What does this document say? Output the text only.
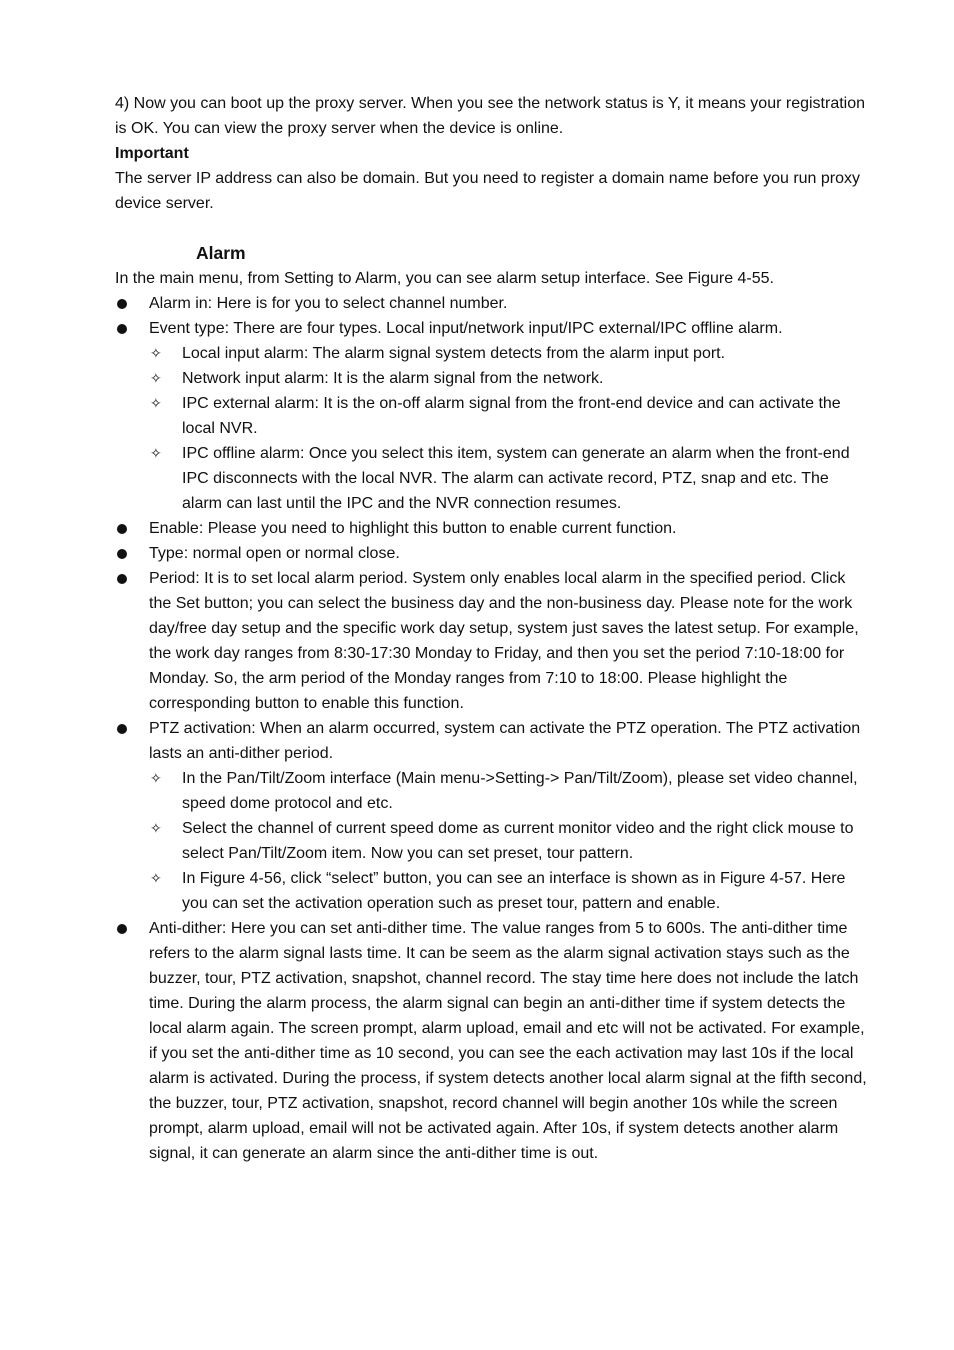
4) Now you can boot up the proxy server. When you see the network status is Y, it means your registration is OK. You can view the proxy server when the device is online.

Important

The server IP address can also be domain. But you need to register a domain name before you run proxy device server.

Alarm

In the main menu, from Setting to Alarm, you can see alarm setup interface. See Figure 4-55.

Alarm in: Here is for you to select channel number.
Event type: There are four types. Local input/network input/IPC external/IPC offline alarm.
✧ Local input alarm: The alarm signal system detects from the alarm input port.
✧ Network input alarm: It is the alarm signal from the network.
✧ IPC external alarm: It is the on-off alarm signal from the front-end device and can activate the local NVR.
✧ IPC offline alarm: Once you select this item, system can generate an alarm when the front-end IPC disconnects with the local NVR. The alarm can activate record, PTZ, snap and etc. The alarm can last until the IPC and the NVR connection resumes.
Enable: Please you need to highlight this button to enable current function.
Type: normal open or normal close.
Period: It is to set local alarm period. System only enables local alarm in the specified period. Click the Set button; you can select the business day and the non-business day. Please note for the work day/free day setup and the specific work day setup, system just saves the latest setup. For example, the work day ranges from 8:30-17:30 Monday to Friday, and then you set the period 7:10-18:00 for Monday. So, the arm period of the Monday ranges from 7:10 to 18:00. Please highlight the corresponding button to enable this function.
PTZ activation: When an alarm occurred, system can activate the PTZ operation. The PTZ activation lasts an anti-dither period.
✧ In the Pan/Tilt/Zoom interface (Main menu->Setting-> Pan/Tilt/Zoom), please set video channel, speed dome protocol and etc.
✧ Select the channel of current speed dome as current monitor video and the right click mouse to select Pan/Tilt/Zoom item. Now you can set preset, tour pattern.
✧ In Figure 4-56, click “select” button, you can see an interface is shown as in Figure 4-57. Here you can set the activation operation such as preset tour, pattern and enable.
Anti-dither: Here you can set anti-dither time. The value ranges from 5 to 600s. The anti-dither time refers to the alarm signal lasts time. It can be seem as the alarm signal activation stays such as the buzzer, tour, PTZ activation, snapshot, channel record. The stay time here does not include the latch time. During the alarm process, the alarm signal can begin an anti-dither time if system detects the local alarm again. The screen prompt, alarm upload, email and etc will not be activated. For example, if you set the anti-dither time as 10 second, you can see the each activation may last 10s if the local alarm is activated. During the process, if system detects another local alarm signal at the fifth second, the buzzer, tour, PTZ activation, snapshot, record channel will begin another 10s while the screen prompt, alarm upload, email will not be activated again. After 10s, if system detects another alarm signal, it can generate an alarm since the anti-dither time is out.
